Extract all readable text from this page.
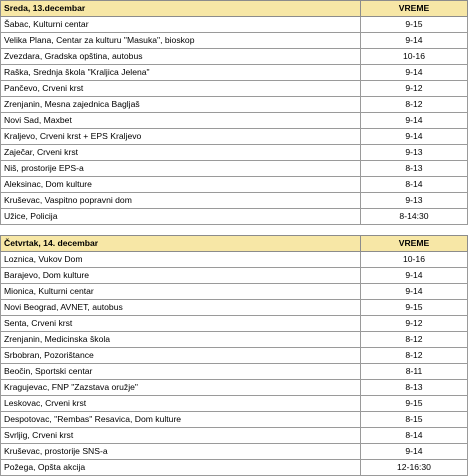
Sreda, 13.decembar	VREME
Šabac, Kulturni centar	9-15
Velika Plana, Centar za kulturu "Masuka", bioskop	9-14
Zvezdara, Gradska opština, autobus	10-16
Raška, Srednja škola "Kraljica Jelena"	9-14
Pančevo, Crveni krst	9-12
Zrenjanin, Mesna zajednica Bagljaš	8-12
Novi Sad, Maxbet	9-14
Kraljevo, Crveni krst + EPS Kraljevo	9-14
Zaječar, Crveni krst	9-13
Niš, prostorije EPS-a	8-13
Aleksinac, Dom kulture	8-14
Kruševac, Vaspitno popravni dom	9-13
Užice, Policija	8-14:30
Četvrtak, 14. decembar	VREME
Loznica, Vukov Dom	10-16
Barajevo, Dom kulture	9-14
Mionica, Kulturni centar	9-14
Novi Beograd, AVNET, autobus	9-15
Senta, Crveni krst	9-12
Zrenjanin, Medicinska škola	8-12
Srbobran, Pozorištance	8-12
Beočin, Sportski centar	8-11
Kragujevac, FNP "Zazstava oružje"	8-13
Leskovac, Crveni krst	9-15
Despotovac, "Rembas" Resavica, Dom kulture	8-15
Svrljig, Crveni krst	8-14
Kruševac, prostorije SNS-a	9-14
Požega, Opšta akcija	12-16:30
